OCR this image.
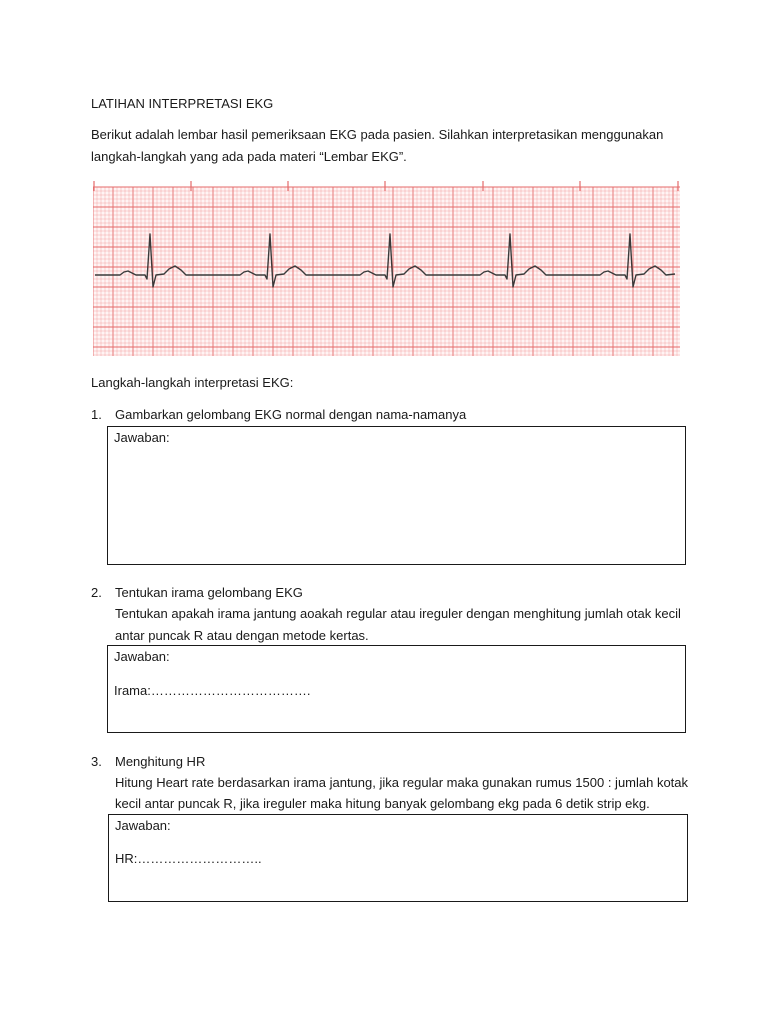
LATIHAN INTERPRETASI EKG
Berikut adalah lembar hasil pemeriksaan EKG pada pasien. Silahkan interpretasikan menggunakan
langkah-langkah yang ada pada materi “Lembar EKG”.
Langkah-langkah interpretasi EKG:
1. Gambarkan gelombang EKG normal dengan nama-namanya
Jawaban:
2. Tentukan irama gelombang EKG
Tentukan apakah irama jantung aoakah regular atau ireguler dengan menghitung jumlah otak kecil
antar puncak R atau dengan metode kertas.
Jawaban:
Irama:……………………………….
3. Menghitung HR
Hitung Heart rate berdasarkan irama jantung, jika regular maka gunakan rumus 1500 : jumlah kotak
kecil antar puncak R, jika ireguler maka hitung banyak gelombang ekg pada 6 detik strip ekg.
Jawaban:
HR:………………………..
